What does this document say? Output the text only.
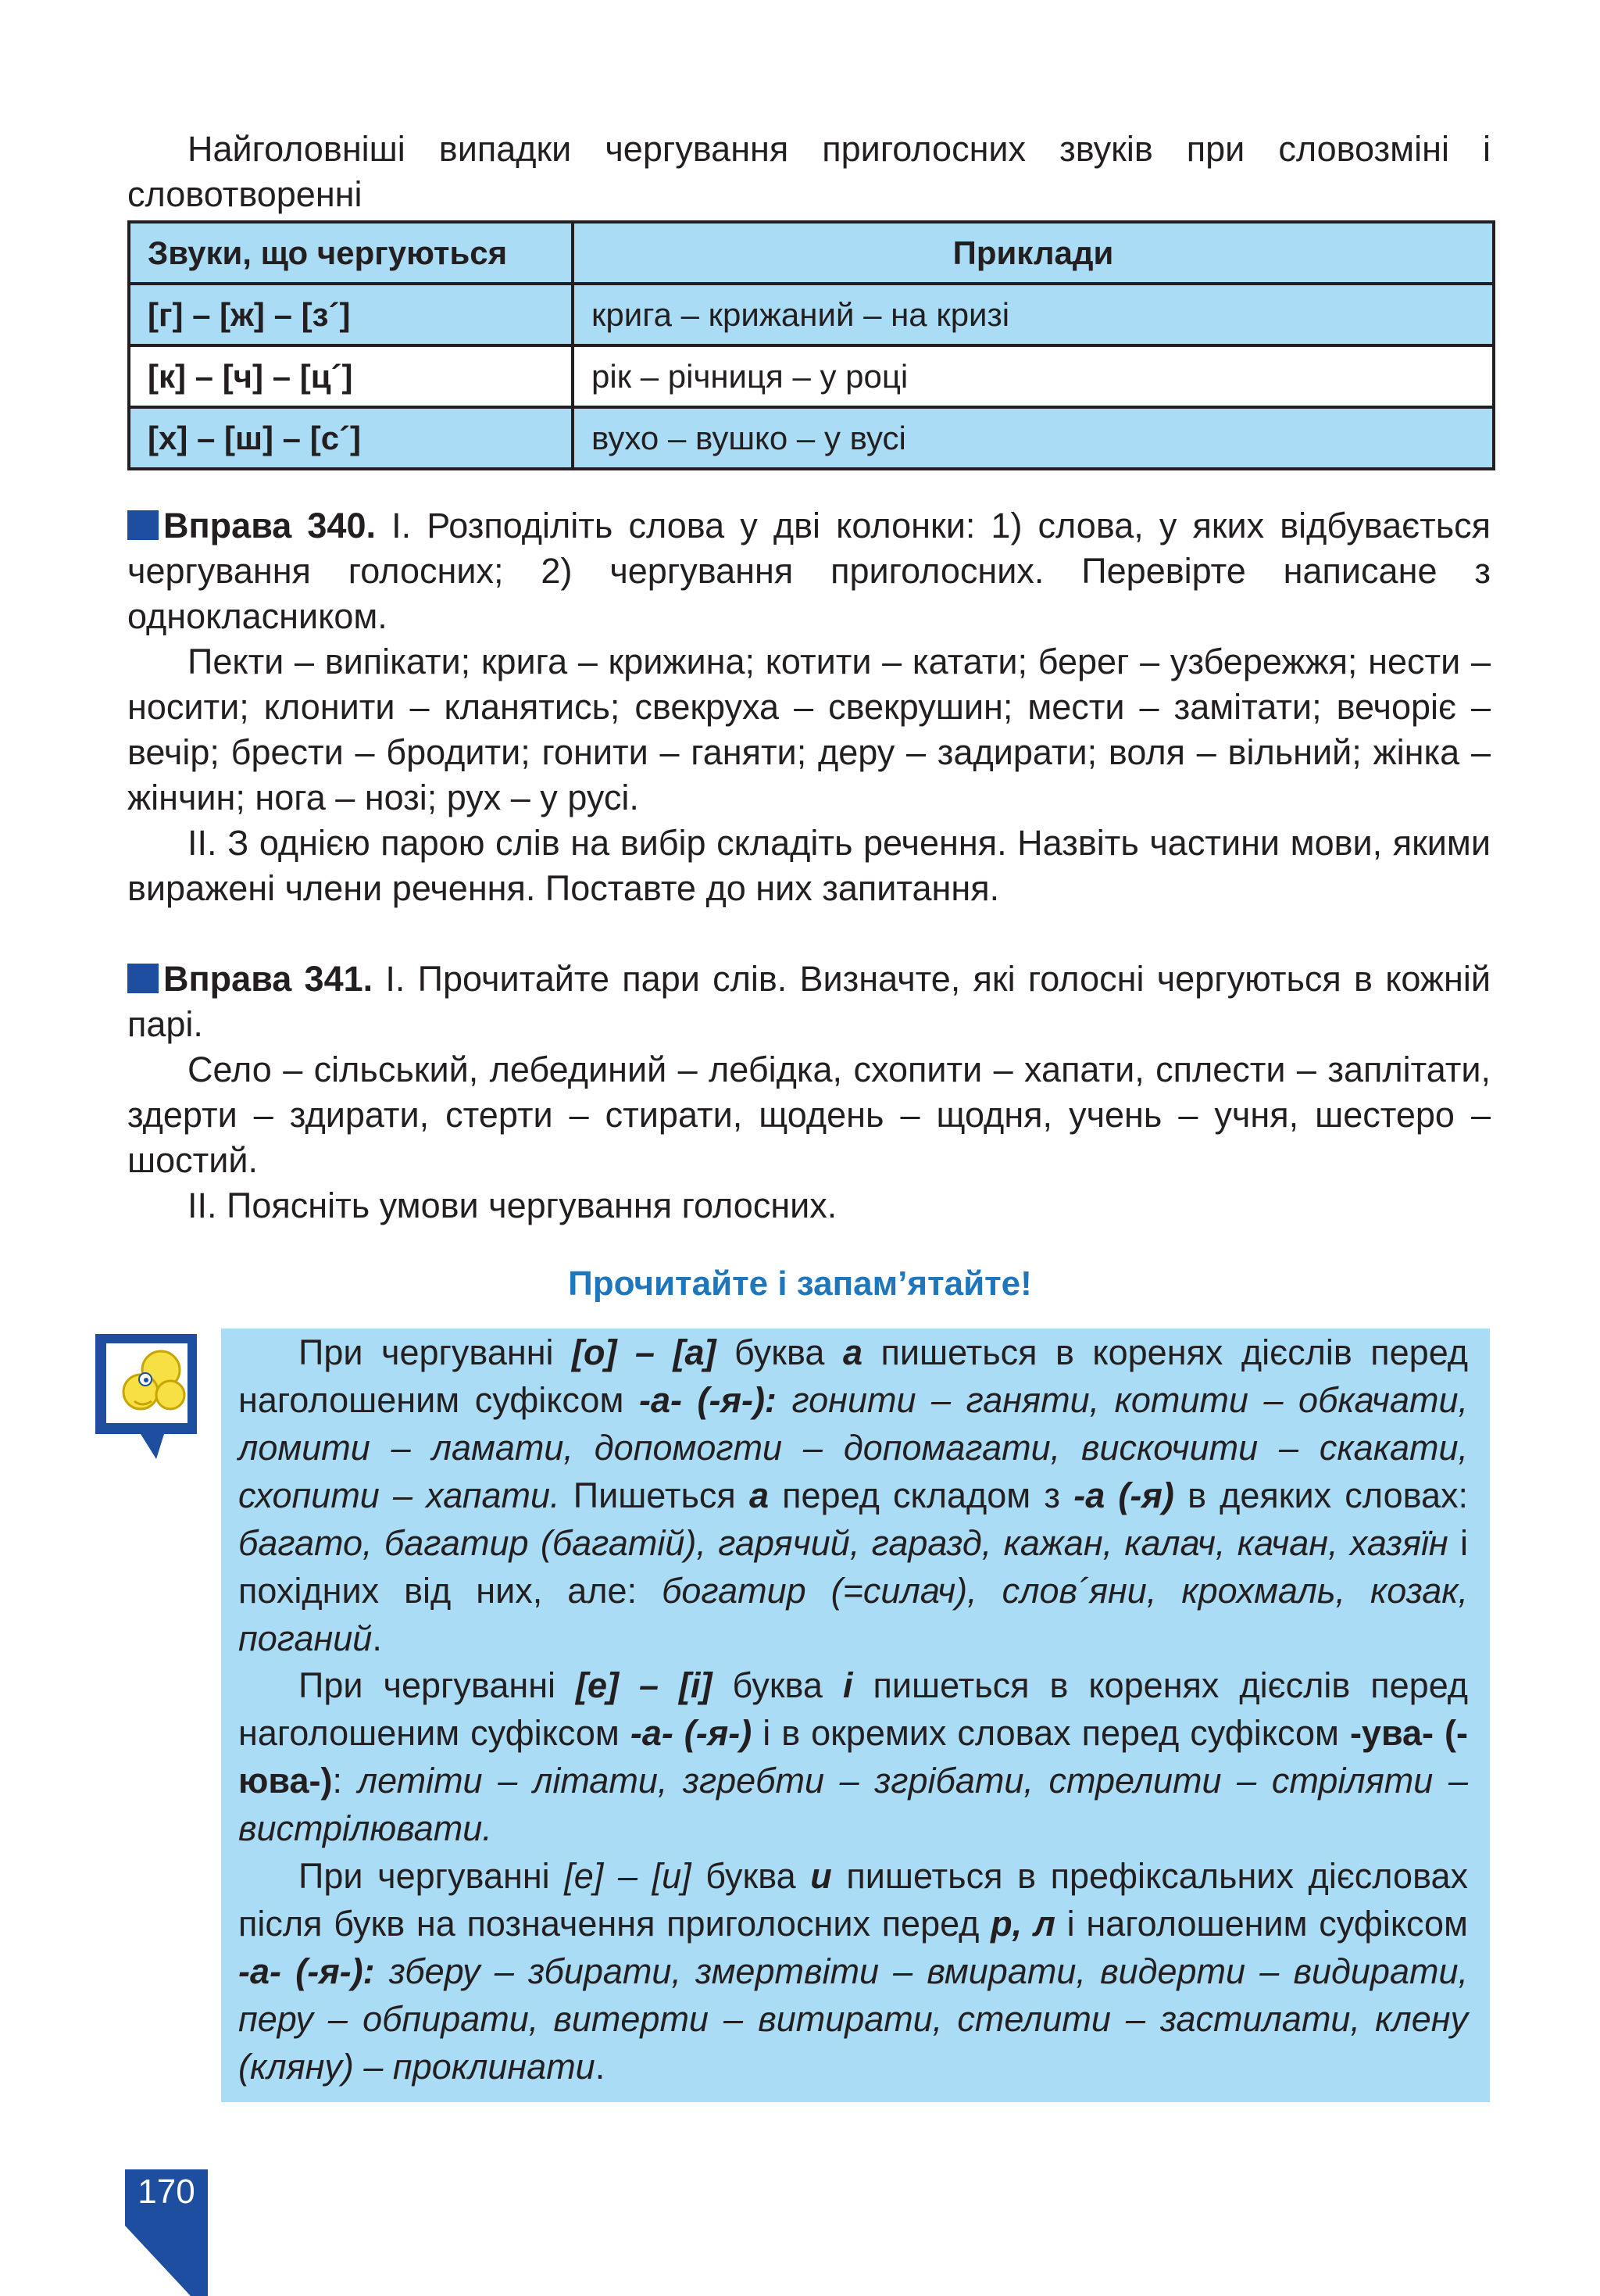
Найголовніші випадки чергування приголосних звуків при словозміні і словотворенні
Звуки, що чергуються	Приклади
[г] – [ж] – [з´]	крига – крижаний – на кризі
[к] – [ч] – [ц´]	рік – річниця – у році
[х] – [ш] – [с´]	вухо – вушко – у вусі
Вправа 340. І. Розподіліть слова у дві колонки: 1) слова, у яких відбувається чергування голосних; 2) чергування приголосних. Перевірте написане з однокласником.
Пекти – випікати; крига – крижина; котити – катати; берег – узбережжя; нести – носити; клонити – кланятись; свекруха – свекрушин; мести – замітати; вечоріє – вечір; брести – бродити; гонити – ганяти; деру – задирати; воля – вільний; жінка – жінчин; нога – нозі; рух – у русі.
ІІ. З однією парою слів на вибір складіть речення. Назвіть частини мови, якими виражені члени речення. Поставте до них запитання.
Вправа 341. І. Прочитайте пари слів. Визначте, які голосні чергуються в кожній парі.
Село – сільський, лебединий – лебідка, схопити – хапати, сплести – заплітати, здерти – здирати, стерти – стирати, щодень – щодня, учень – учня, шестеро – шостий.
ІІ. Поясніть умови чергування голосних.
Прочитайте і запам’ятайте!
При чергуванні [о] – [а] буква а пишеться в коренях дієслів перед наголошеним суфіксом -а- (-я-): гонити – ганяти, котити – обкачати, ломити – ламати, допомогти – допомагати, вискочити – скакати, схопити – хапати. Пишеться а перед складом з -а (-я) в деяких словах: багато, багатир (багатій), гарячий, гаразд, кажан, калач, качан, хазяїн і похідних від них, але: богатир (=силач), слов´яни, крохмаль, козак, поганий.
При чергуванні [е] – [і] буква і пишеться в коренях дієслів перед наголошеним суфіксом -а- (-я-) і в окремих словах перед суфіксом -ува- (-юва-): летіти – літати, згребти – згрібати, стрелити – стріляти – вистрілювати.
При чергуванні [е] – [и] буква и пишеться в префіксальних дієсловах після букв на позначення приголосних перед р, л і наголошеним суфіксом -а- (-я-): зберу – збирати, змертвіти – вмирати, видерти – видирати, перу – обпирати, витерти – витирати, стелити – застилати, клену (кляну) – проклинати.
170
